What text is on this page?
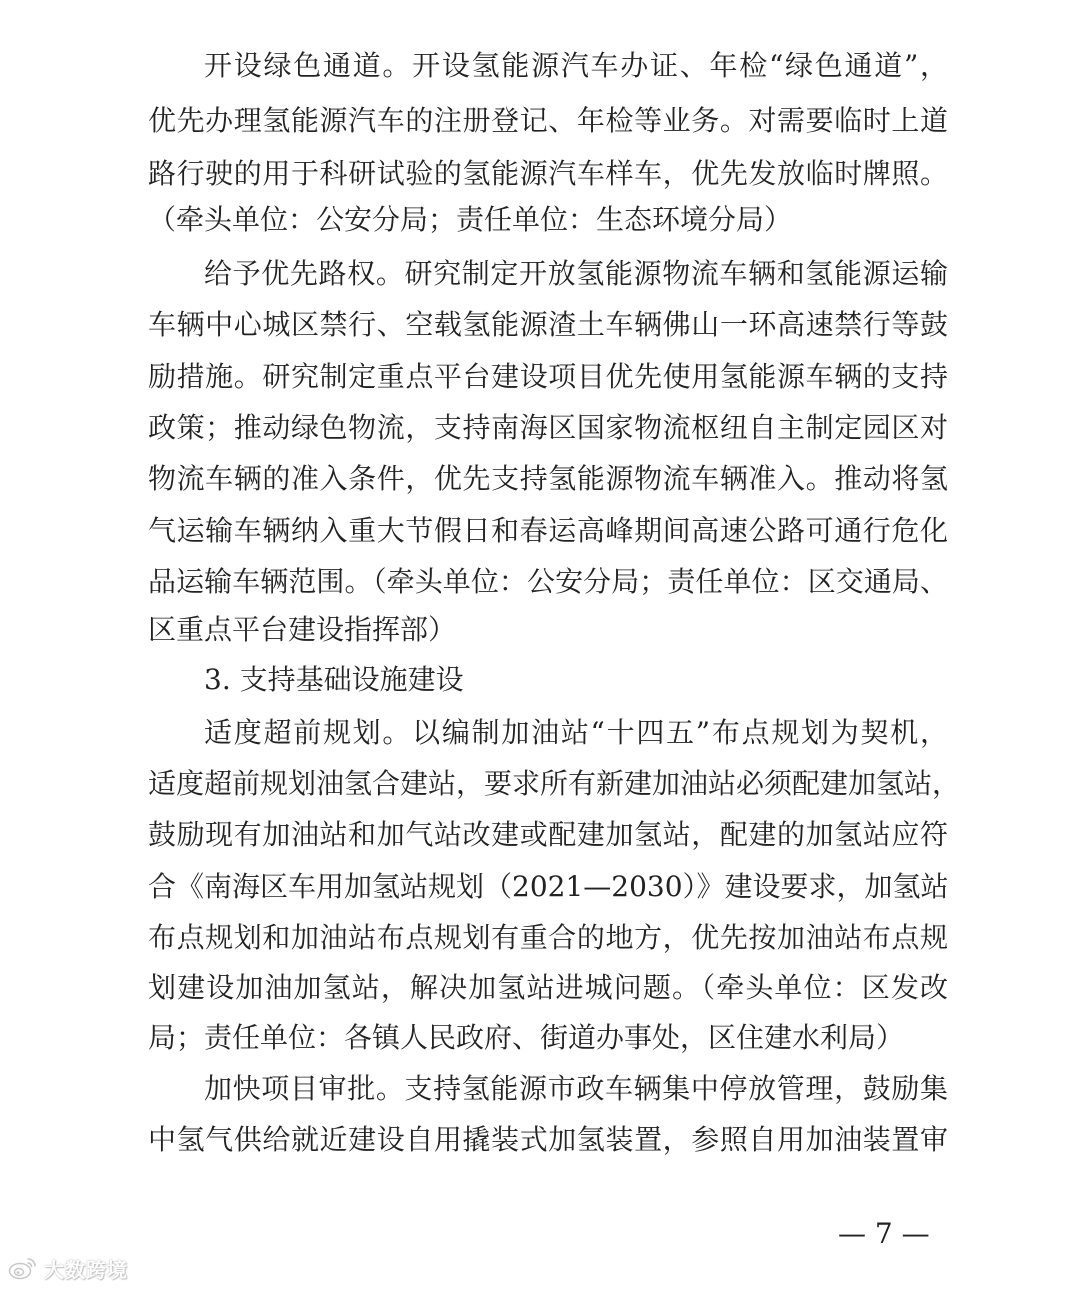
开设绿色通道。开设氢能源汽车办证、年检“绿色通道”，
优先办理氢能源汽车的注册登记、年检等业务。对需要临时上道
路行驶的用于科研试验的氢能源汽车样车，优先发放临时牌照。
（牵头单位：公安分局；责任单位：生态环境分局）
给予优先路权。研究制定开放氢能源物流车辆和氢能源运输
车辆中心城区禁行、空载氢能源渣土车辆佛山一环高速禁行等鼓
励措施。研究制定重点平台建设项目优先使用氢能源车辆的支持
政策；推动绿色物流，支持南海区国家物流枢纽自主制定园区对
物流车辆的准入条件，优先支持氢能源物流车辆准入。推动将氢
气运输车辆纳入重大节假日和春运高峰期间高速公路可通行危化
品运输车辆范围。（牵头单位：公安分局；责任单位：区交通局、
区重点平台建设指挥部）
3. 支持基础设施建设
适度超前规划。以编制加油站“十四五”布点规划为契机，
适度超前规划油氢合建站，要求所有新建加油站必须配建加氢站，
鼓励现有加油站和加气站改建或配建加氢站，配建的加氢站应符
合《南海区车用加氢站规划（2021—2030）》建设要求，加氢站
布点规划和加油站布点规划有重合的地方，优先按加油站布点规
划建设加油加氢站，解决加氢站进城问题。（牵头单位：区发改
局；责任单位：各镇人民政府、街道办事处，区住建水利局）
加快项目审批。支持氢能源市政车辆集中停放管理，鼓励集
中氢气供给就近建设自用撬装式加氢装置，参照自用加油装置审
— 7 —
大数跨境
